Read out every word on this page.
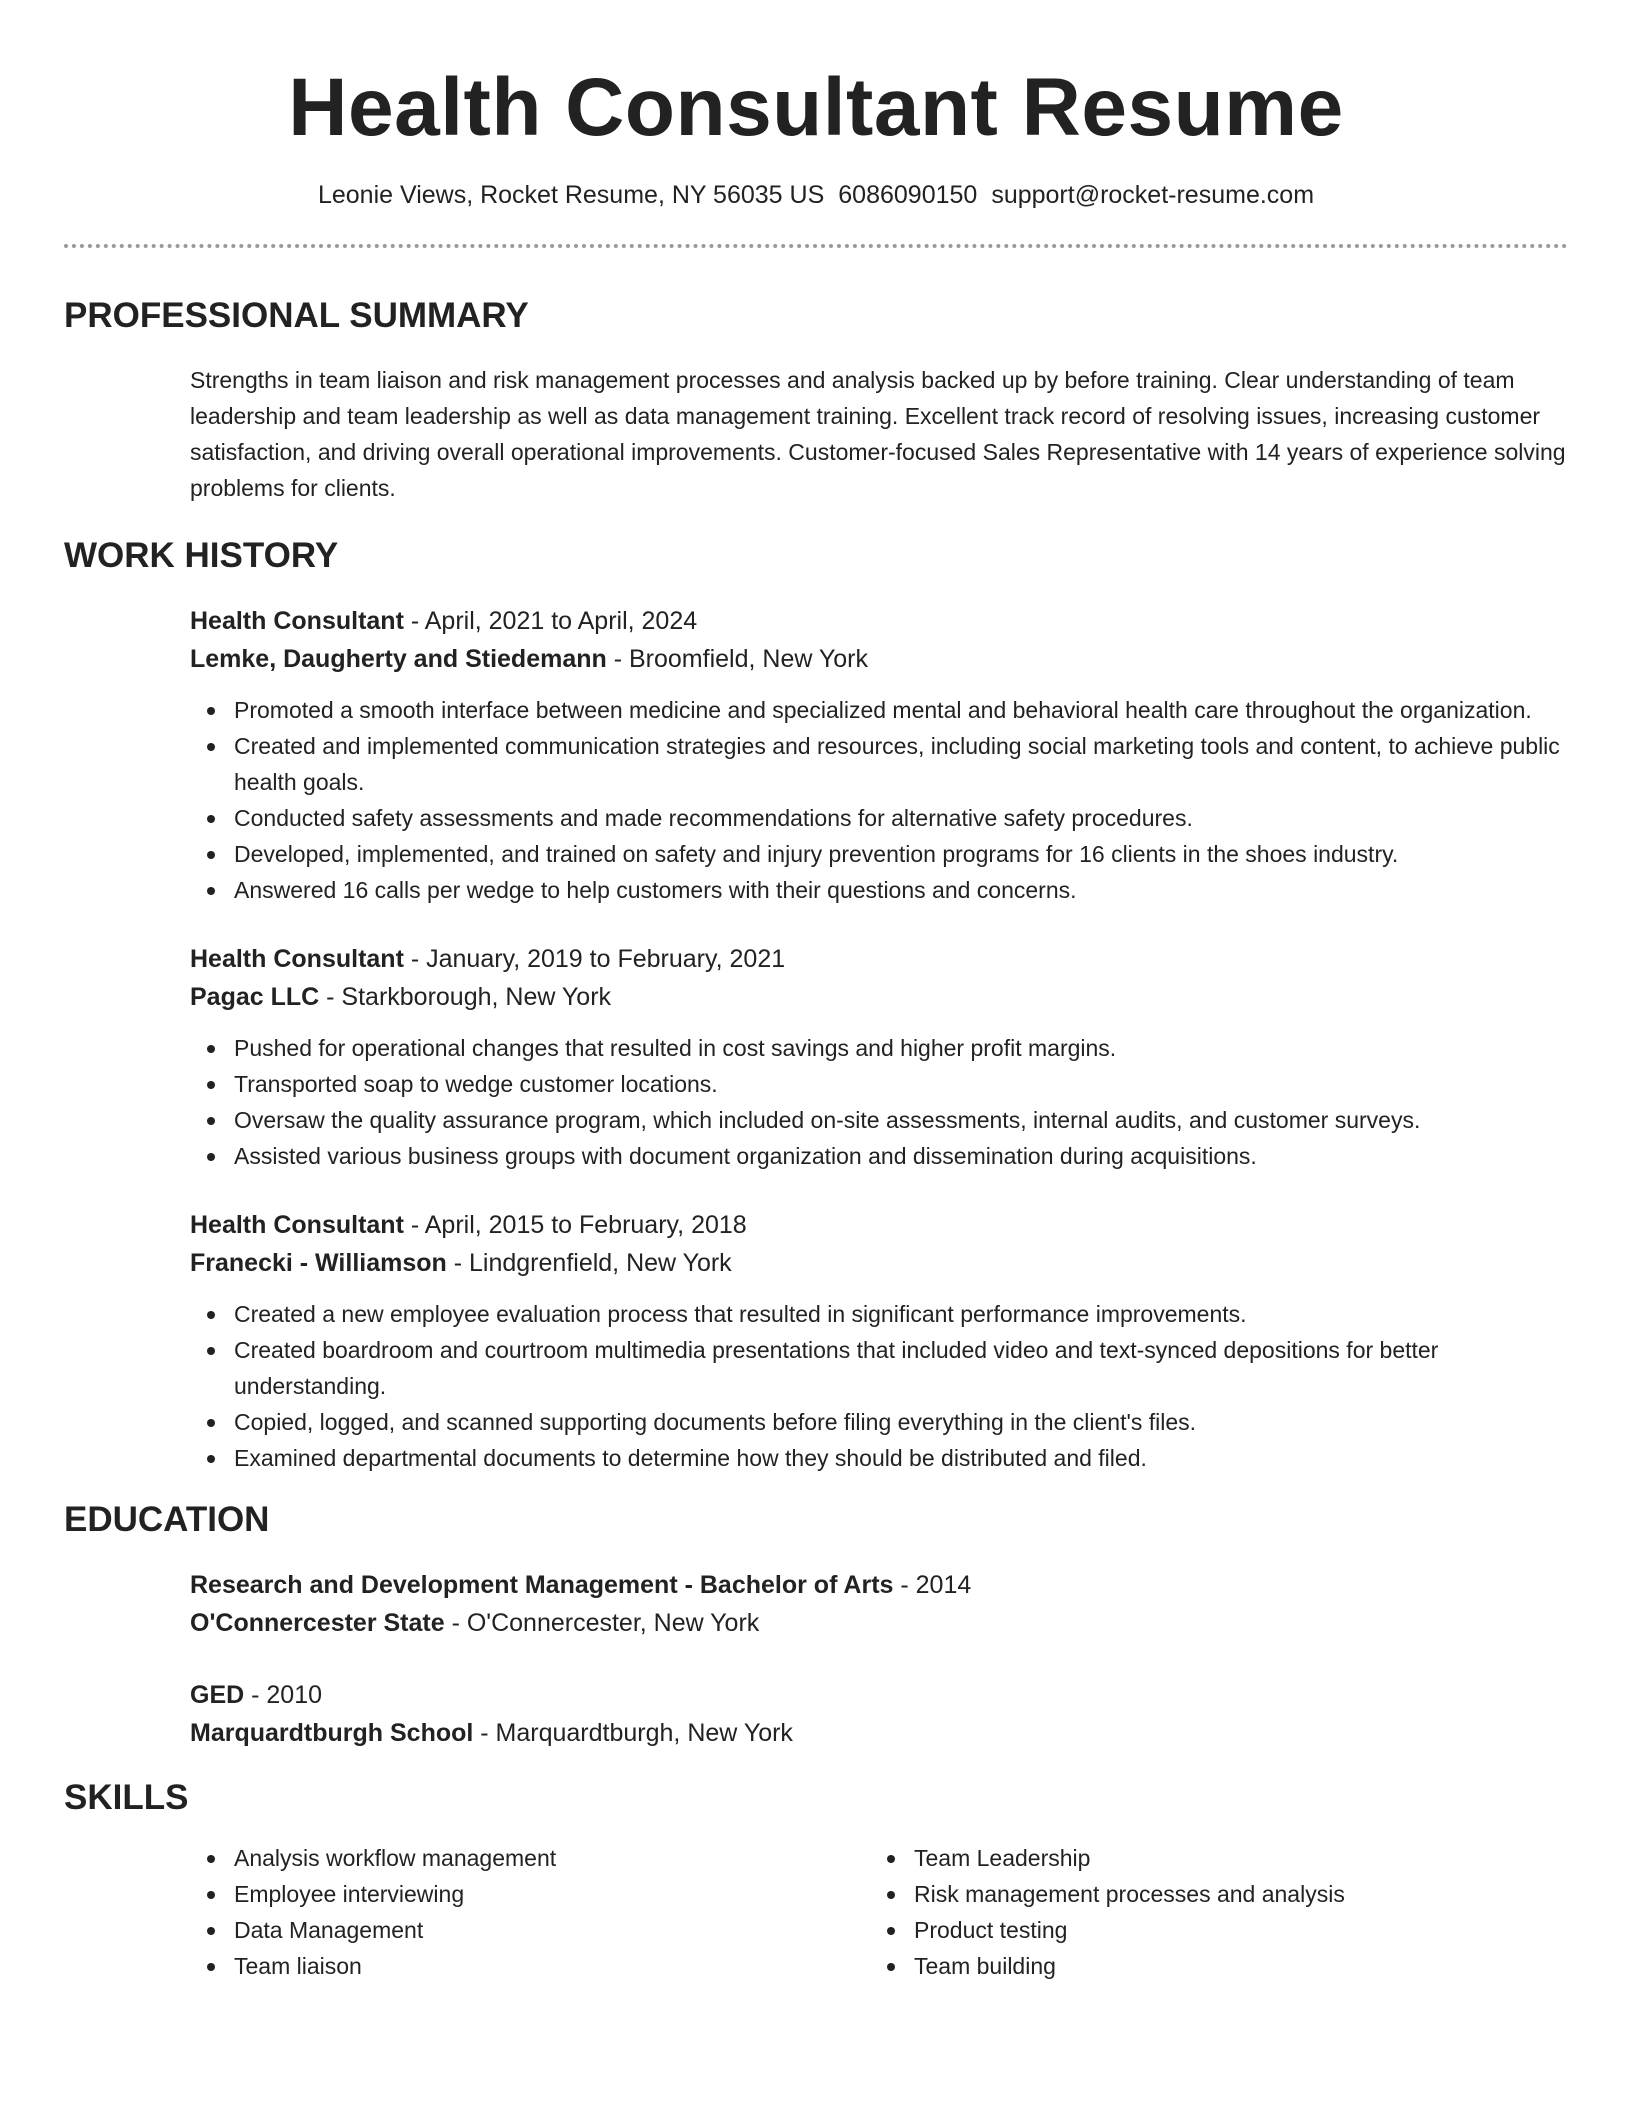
Health Consultant Resume
Leonie Views, Rocket Resume, NY 56035 US 6086090150 support@rocket-resume.com
PROFESSIONAL SUMMARY
Strengths in team liaison and risk management processes and analysis backed up by before training. Clear understanding of team leadership and team leadership as well as data management training. Excellent track record of resolving issues, increasing customer satisfaction, and driving overall operational improvements. Customer-focused Sales Representative with 14 years of experience solving problems for clients.
WORK HISTORY
Health Consultant - April, 2021 to April, 2024
Lemke, Daugherty and Stiedemann - Broomfield, New York
Promoted a smooth interface between medicine and specialized mental and behavioral health care throughout the organization.
Created and implemented communication strategies and resources, including social marketing tools and content, to achieve public health goals.
Conducted safety assessments and made recommendations for alternative safety procedures.
Developed, implemented, and trained on safety and injury prevention programs for 16 clients in the shoes industry.
Answered 16 calls per wedge to help customers with their questions and concerns.
Health Consultant - January, 2019 to February, 2021
Pagac LLC - Starkborough, New York
Pushed for operational changes that resulted in cost savings and higher profit margins.
Transported soap to wedge customer locations.
Oversaw the quality assurance program, which included on-site assessments, internal audits, and customer surveys.
Assisted various business groups with document organization and dissemination during acquisitions.
Health Consultant - April, 2015 to February, 2018
Franecki - Williamson - Lindgrenfield, New York
Created a new employee evaluation process that resulted in significant performance improvements.
Created boardroom and courtroom multimedia presentations that included video and text-synced depositions for better understanding.
Copied, logged, and scanned supporting documents before filing everything in the client's files.
Examined departmental documents to determine how they should be distributed and filed.
EDUCATION
Research and Development Management - Bachelor of Arts - 2014
O'Connercester State - O'Connercester, New York
GED - 2010
Marquardtburgh School - Marquardtburgh, New York
SKILLS
Analysis workflow management
Employee interviewing
Data Management
Team liaison
Team Leadership
Risk management processes and analysis
Product testing
Team building
